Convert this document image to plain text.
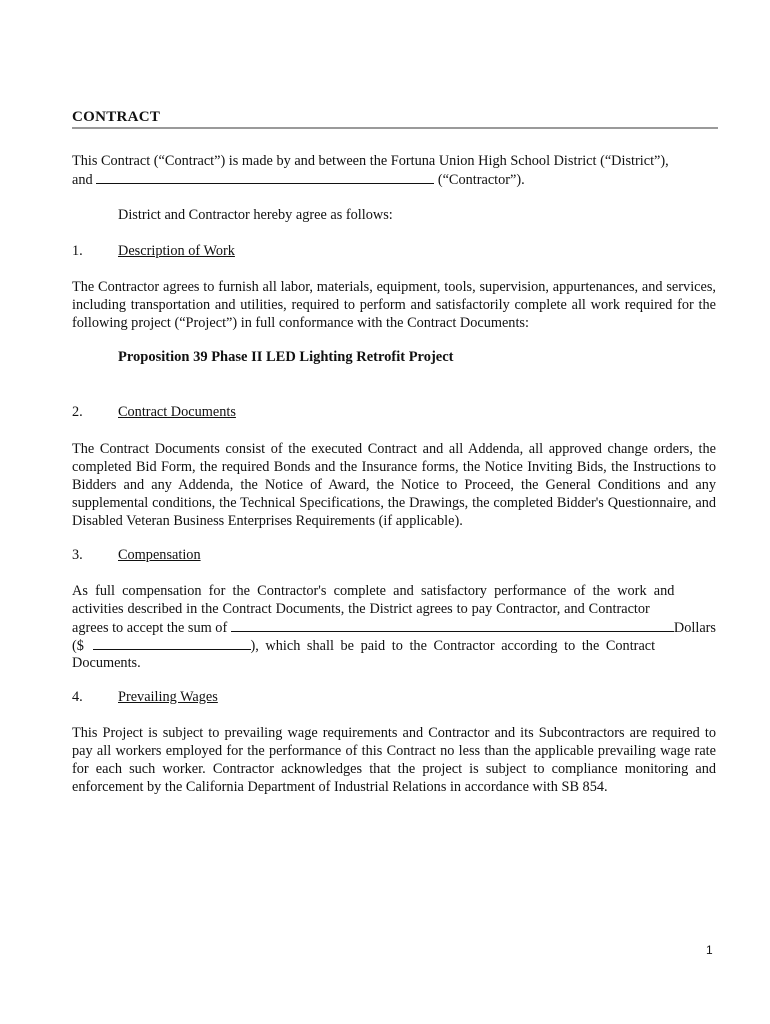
CONTRACT
This Contract (“Contract”) is made by and between the Fortuna Union High School District (“District”),
and	(“Contractor”).
District and Contractor hereby agree as follows:
1. Description of Work
The Contractor agrees to furnish all labor, materials, equipment, tools, supervision, appurtenances, and services, including transportation and utilities, required to perform and satisfactorily complete all work required for the following project (“Project”) in full conformance with the Contract Documents:
Proposition 39 Phase II LED Lighting Retrofit Project
2. Contract Documents
The Contract Documents consist of the executed Contract and all Addenda, all approved change orders, the completed Bid Form, the required Bonds and the Insurance forms, the Notice Inviting Bids, the Instructions to Bidders and any Addenda, the Notice of Award, the Notice to Proceed, the General Conditions and any supplemental conditions, the Technical Specifications, the Drawings, the completed Bidder's Questionnaire, and Disabled Veteran Business Enterprises Requirements (if applicable).
3. Compensation
As full compensation for the Contractor's complete and satisfactory performance of the work and
activities described in the Contract Documents, the District agrees to pay Contractor, and Contractor
agrees to accept the sum of	Dollars
($	), which shall be paid to the Contractor according to the Contract
Documents.
4. Prevailing Wages
This Project is subject to prevailing wage requirements and Contractor and its Subcontractors are required to pay all workers employed for the performance of this Contract no less than the applicable prevailing wage rate for each such worker. Contractor acknowledges that the project is subject to compliance monitoring and enforcement by the California Department of Industrial Relations in accordance with SB 854.
1
